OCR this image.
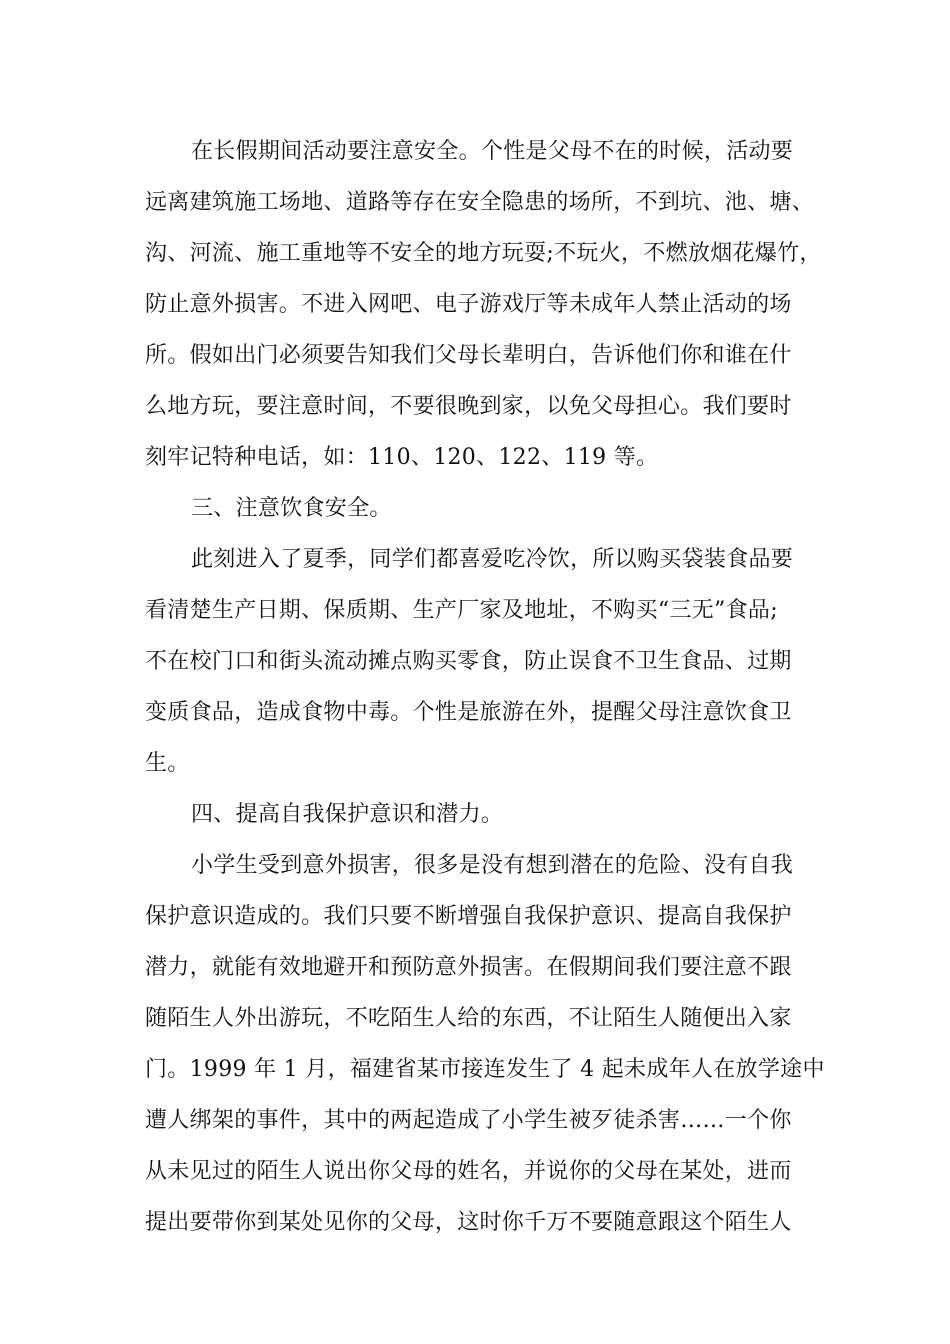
在长假期间活动要注意安全。个性是父母不在的时候，活动要
远离建筑施工场地、道路等存在安全隐患的场所，不到坑、池、塘、
沟、河流、施工重地等不安全的地方玩耍;不玩火，不燃放烟花爆竹，
防止意外损害。不进入网吧、电子游戏厅等未成年人禁止活动的场
所。假如出门必须要告知我们父母长辈明白，告诉他们你和谁在什
么地方玩，要注意时间，不要很晚到家，以免父母担心。我们要时
刻牢记特种电话，如：110、120、122、119 等。
三、注意饮食安全。
此刻进入了夏季，同学们都喜爱吃冷饮，所以购买袋装食品要
看清楚生产日期、保质期、生产厂家及地址，不购买“三无”食品;
不在校门口和街头流动摊点购买零食，防止误食不卫生食品、过期
变质食品，造成食物中毒。个性是旅游在外，提醒父母注意饮食卫
生。
四、提高自我保护意识和潜力。
小学生受到意外损害，很多是没有想到潜在的危险、没有自我
保护意识造成的。我们只要不断增强自我保护意识、提高自我保护
潜力，就能有效地避开和预防意外损害。在假期间我们要注意不跟
随陌生人外出游玩，不吃陌生人给的东西，不让陌生人随便出入家
门。1999 年 1 月，福建省某市接连发生了 4 起未成年人在放学途中
遭人绑架的事件，其中的两起造成了小学生被歹徒杀害……一个你
从未见过的陌生人说出你父母的姓名，并说你的父母在某处，进而
提出要带你到某处见你的父母，这时你千万不要随意跟这个陌生人
